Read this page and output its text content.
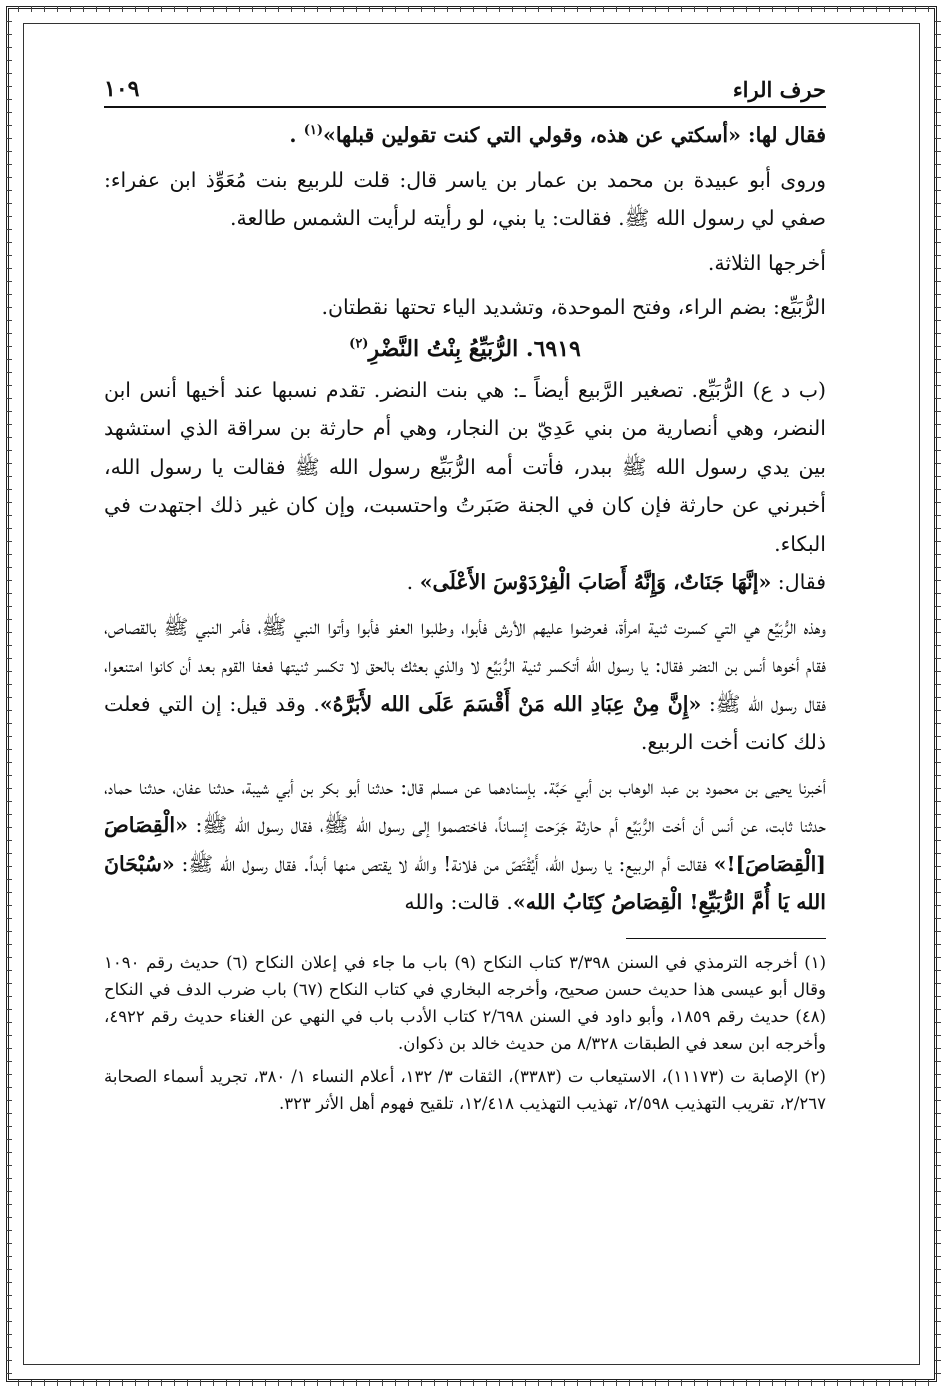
حرف الراء
١٠٩

فقال لها: «أسكتي عن هذه، وقولي التي كنت تقولين قبلها»$^{(١)}$ .

وروى أبو عبيدة بن محمد بن عمار بن ياسر قال: قلت للربيع بنت مُعَوِّذ ابن عفراء: صفي لي رسول الله ﷺ. فقالت: يا بني، لو رأيته لرأيت الشمس طالعة.

أخرجها الثلاثة.

الرُّبَيِّع: بضم الراء، وفتح الموحدة، وتشديد الياء تحتها نقطتان.

٦٩١٩. الرُّبَيِّعُ بِنْتُ النَّضْرِ$^{(٢)}$

(ب د ع) الرُّبَيِّع. تصغير الرَّبيع أيضاً ـ: هي بنت النضر. تقدم نسبها عند أخيها أنس ابن النضر، وهي أنصارية من بني عَدِيّ بن النجار، وهي أم حارثة بن سراقة الذي استشهد بين يدي رسول الله ﷺ ببدر، فأتت أمه الرُّبَيِّع رسول الله ﷺ فقالت يا رسول الله، أخبرني عن حارثة فإن كان في الجنة صَبَرتُ واحتسبت، وإن كان غير ذلك اجتهدت في البكاء.

فقال: «إنَّهَا جَنَاتٌ، وَإِنَّهُ أَصَابَ الْفِرْدَوْسَ الأَعْلَى» .

وهذه الرُّبَيِّع هي التي كسرت ثنية امرأة، فعرضوا عليهم الأرش فأبوا، وطلبوا العفو فأبوا وأتوا النبي ﷺ، فأمر النبي ﷺ بالقصاص، فقام أخوها أنس بن النضر فقال: يا رسول الله أتكسر ثنية الرُّبَيِّع لا والذي بعثك بالحق لا تكسر ثنيتها فعفا القوم بعد أن كانوا امتنعوا، فقال رسول الله ﷺ: «إِنَّ مِنْ عِبَادِ الله مَنْ أَقْسَمَ عَلَى الله لأَبَرَّهُ». وقد قيل: إن التي فعلت ذلك كانت أخت الربيع.

أخبرنا يحيى بن محمود بن عبد الوهاب بن أبي حَبَّة. بإسنادهما عن مسلم قال: حدثنا أبو بكر بن أبي شيبة، حدثنا عفان، حدثنا حماد، حدثنا ثابت، عن أنس أن أخت الرُّبَيِّع أم حارثة جَرَحت إنساناً، فاختصموا إلى رسول الله ﷺ، فقال رسول الله ﷺ: «الْقِصَاصَ [الْقِصَاصَ]!» فقالت أم الربيع: يا رسول الله، أَيُقْتَصّ من فلانة! والله لا يقتص منها أبداً. فقال رسول الله ﷺ: «سُبْحَانَ الله يَا أُمَّ الرُّبَيِّعِ! الْقِصَاصُ كِتَابُ الله». قالت: والله

(١) أخرجه الترمذي في السنن ٣/٣٩٨ كتاب النكاح (٩) باب ما جاء في إعلان النكاح (٦) حديث رقم ١٠٩٠ وقال أبو عيسى هذا حديث حسن صحيح، وأخرجه البخاري في كتاب النكاح (٦٧) باب ضرب الدف في النكاح (٤٨) حديث رقم ١٨٥٩، وأبو داود في السنن ٢/٦٩٨ كتاب الأدب باب في النهي عن الغناء حديث رقم ٤٩٢٢، وأخرجه ابن سعد في الطبقات ٨/٣٢٨ من حديث خالد بن ذكوان.

(٢) الإصابة ت (١١١٧٣)، الاستيعاب ت (٣٣٨٣)، الثقات ٣/ ١٣٢، أعلام النساء ١/ ٣٨٠، تجريد أسماء الصحابة ٢/٢٦٧، تقريب التهذيب ٢/٥٩٨، تهذيب التهذيب ١٢/٤١٨، تلقيح فهوم أهل الأثر ٣٢٣.
